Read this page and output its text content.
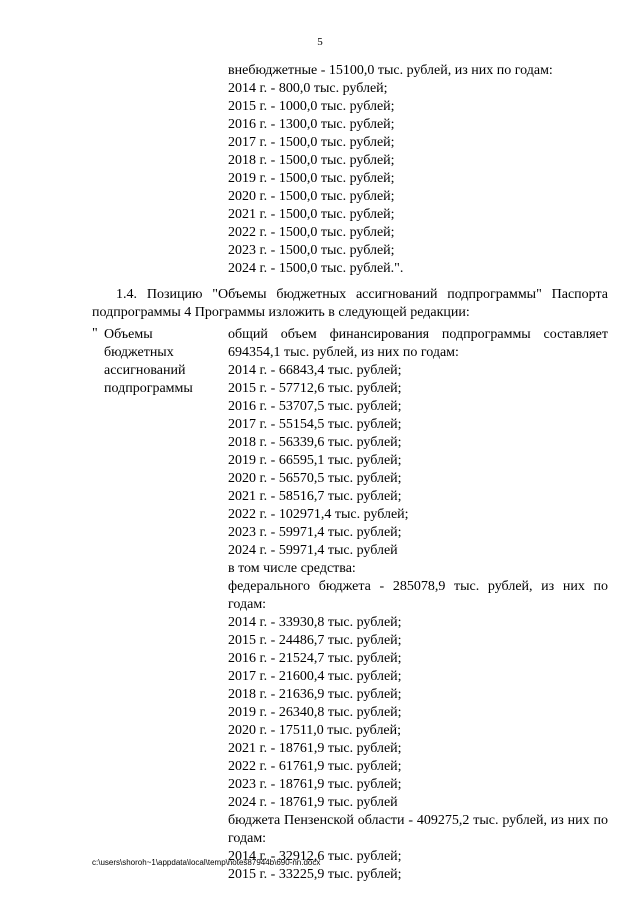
5
внебюджетные - 15100,0 тыс. рублей, из них по годам:
2014 г. - 800,0 тыс. рублей;
2015 г. - 1000,0 тыс. рублей;
2016 г. - 1300,0 тыс. рублей;
2017 г. - 1500,0 тыс. рублей;
2018 г. - 1500,0 тыс. рублей;
2019 г. - 1500,0 тыс. рублей;
2020 г. - 1500,0 тыс. рублей;
2021 г. - 1500,0 тыс. рублей;
2022 г. - 1500,0 тыс. рублей;
2023 г. - 1500,0 тыс. рублей;
2024 г. - 1500,0 тыс. рублей.".
1.4. Позицию "Объемы бюджетных ассигнований подпрограммы" Паспорта подпрограммы 4 Программы изложить в следующей редакции:
" Объемы
бюджетных
ассигнований
подпрограммы
общий объем финансирования подпрограммы составляет 694354,1 тыс. рублей, из них по годам:
2014 г. - 66843,4 тыс. рублей;
2015 г. - 57712,6 тыс. рублей;
2016 г. - 53707,5 тыс. рублей;
2017 г. - 55154,5 тыс. рублей;
2018 г. - 56339,6 тыс. рублей;
2019 г. - 66595,1 тыс. рублей;
2020 г. - 56570,5 тыс. рублей;
2021 г. - 58516,7 тыс. рублей;
2022 г. - 102971,4 тыс. рублей;
2023 г. - 59971,4 тыс. рублей;
2024 г. - 59971,4 тыс. рублей
в том числе средства:
федерального бюджета - 285078,9 тыс. рублей, из них по годам:
2014 г. - 33930,8 тыс. рублей;
2015 г. - 24486,7 тыс. рублей;
2016 г. - 21524,7 тыс. рублей;
2017 г. - 21600,4 тыс. рублей;
2018 г. - 21636,9 тыс. рублей;
2019 г. - 26340,8 тыс. рублей;
2020 г. - 17511,0 тыс. рублей;
2021 г. - 18761,9 тыс. рублей;
2022 г. - 61761,9 тыс. рублей;
2023 г. - 18761,9 тыс. рублей;
2024 г. - 18761,9 тыс. рублей
бюджета Пензенской области - 409275,2 тыс. рублей, из них по годам:
2014 г. - 32912,6 тыс. рублей;
2015 г. - 33225,9 тыс. рублей;
c:\users\shoroh~1\appdata\local\temp\notes87944b\690-nn.docx
